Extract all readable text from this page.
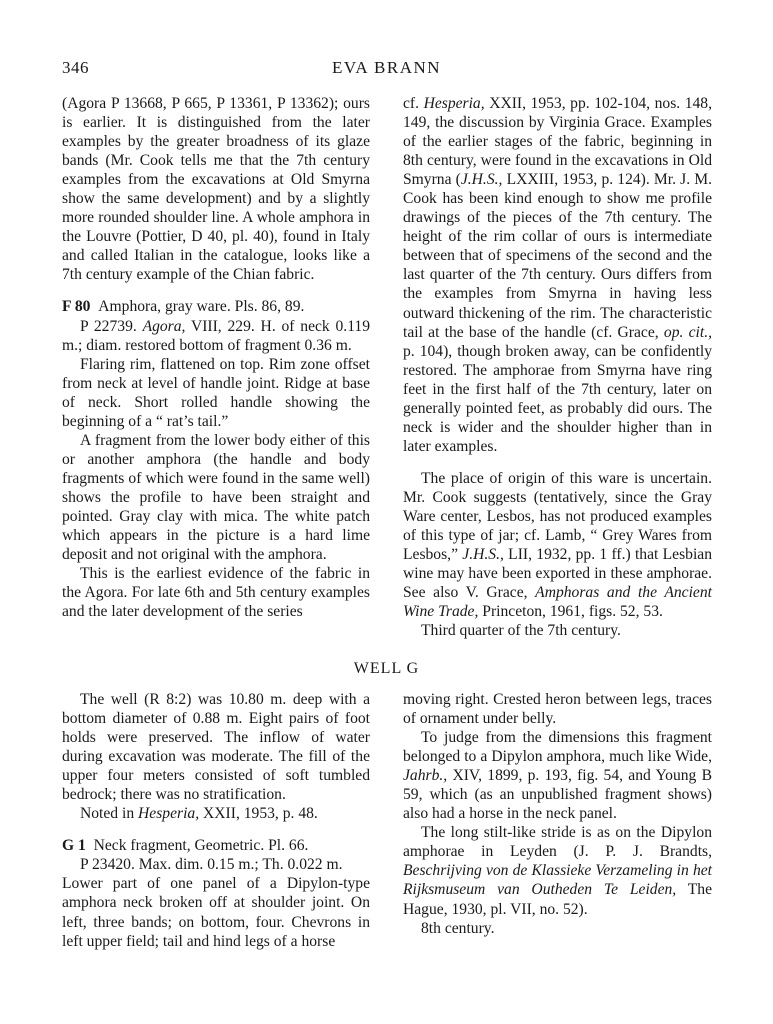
346	EVA BRANN

(Agora P 13668, P 665, P 13361, P 13362); ours is earlier. It is distinguished from the later examples by the greater broadness of its glaze bands (Mr. Cook tells me that the 7th century examples from the excavations at Old Smyrna show the same development) and by a slightly more rounded shoulder line. A whole amphora in the Louvre (Pottier, D 40, pl. 40), found in Italy and called Italian in the catalogue, looks like a 7th century example of the Chian fabric.

F 80 Amphora, gray ware. Pls. 86, 89.

P 22739. Agora, VIII, 229. H. of neck 0.119 m.; diam. restored bottom of fragment 0.36 m.

Flaring rim, flattened on top. Rim zone offset from neck at level of handle joint. Ridge at base of neck. Short rolled handle showing the beginning of a “ rat’s tail.”

A fragment from the lower body either of this or another amphora (the handle and body fragments of which were found in the same well) shows the profile to have been straight and pointed. Gray clay with mica. The white patch which appears in the picture is a hard lime deposit and not original with the amphora.

This is the earliest evidence of the fabric in the Agora. For late 6th and 5th century examples and the later development of the series

cf. Hesperia, XXII, 1953, pp. 102-104, nos. 148, 149, the discussion by Virginia Grace. Examples of the earlier stages of the fabric, beginning in 8th century, were found in the excavations in Old Smyrna (J.H.S., LXXIII, 1953, p. 124). Mr. J. M. Cook has been kind enough to show me profile drawings of the pieces of the 7th century. The height of the rim collar of ours is intermediate between that of specimens of the second and the last quarter of the 7th century. Ours differs from the examples from Smyrna in having less outward thickening of the rim. The characteristic tail at the base of the handle (cf. Grace, op. cit., p. 104), though broken away, can be confidently restored. The amphorae from Smyrna have ring feet in the first half of the 7th century, later on generally pointed feet, as probably did ours. The neck is wider and the shoulder higher than in later examples.

The place of origin of this ware is uncertain. Mr. Cook suggests (tentatively, since the Gray Ware center, Lesbos, has not produced examples of this type of jar; cf. Lamb, “ Grey Wares from Lesbos,” J.H.S., LII, 1932, pp. 1 ff.) that Lesbian wine may have been exported in these amphorae. See also V. Grace, Amphoras and the Ancient Wine Trade, Princeton, 1961, figs. 52, 53.

Third quarter of the 7th century.

WELL G

The well (R 8:2) was 10.80 m. deep with a bottom diameter of 0.88 m. Eight pairs of foot holds were preserved. The inflow of water during excavation was moderate. The fill of the upper four meters consisted of soft tumbled bedrock; there was no stratification.

Noted in Hesperia, XXII, 1953, p. 48.

G 1 Neck fragment, Geometric. Pl. 66.

P 23420. Max. dim. 0.15 m.; Th. 0.022 m.

Lower part of one panel of a Dipylon-type amphora neck broken off at shoulder joint. On left, three bands; on bottom, four. Chevrons in left upper field; tail and hind legs of a horse

moving right. Crested heron between legs, traces of ornament under belly.

To judge from the dimensions this fragment belonged to a Dipylon amphora, much like Wide, Jahrb., XIV, 1899, p. 193, fig. 54, and Young B 59, which (as an unpublished fragment shows) also had a horse in the neck panel.

The long stilt-like stride is as on the Dipylon amphorae in Leyden (J. P. J. Brandts, Beschrijving von de Klassieke Verzameling in het Rijksmuseum van Outheden Te Leiden, The Hague, 1930, pl. VII, no. 52).

8th century.
